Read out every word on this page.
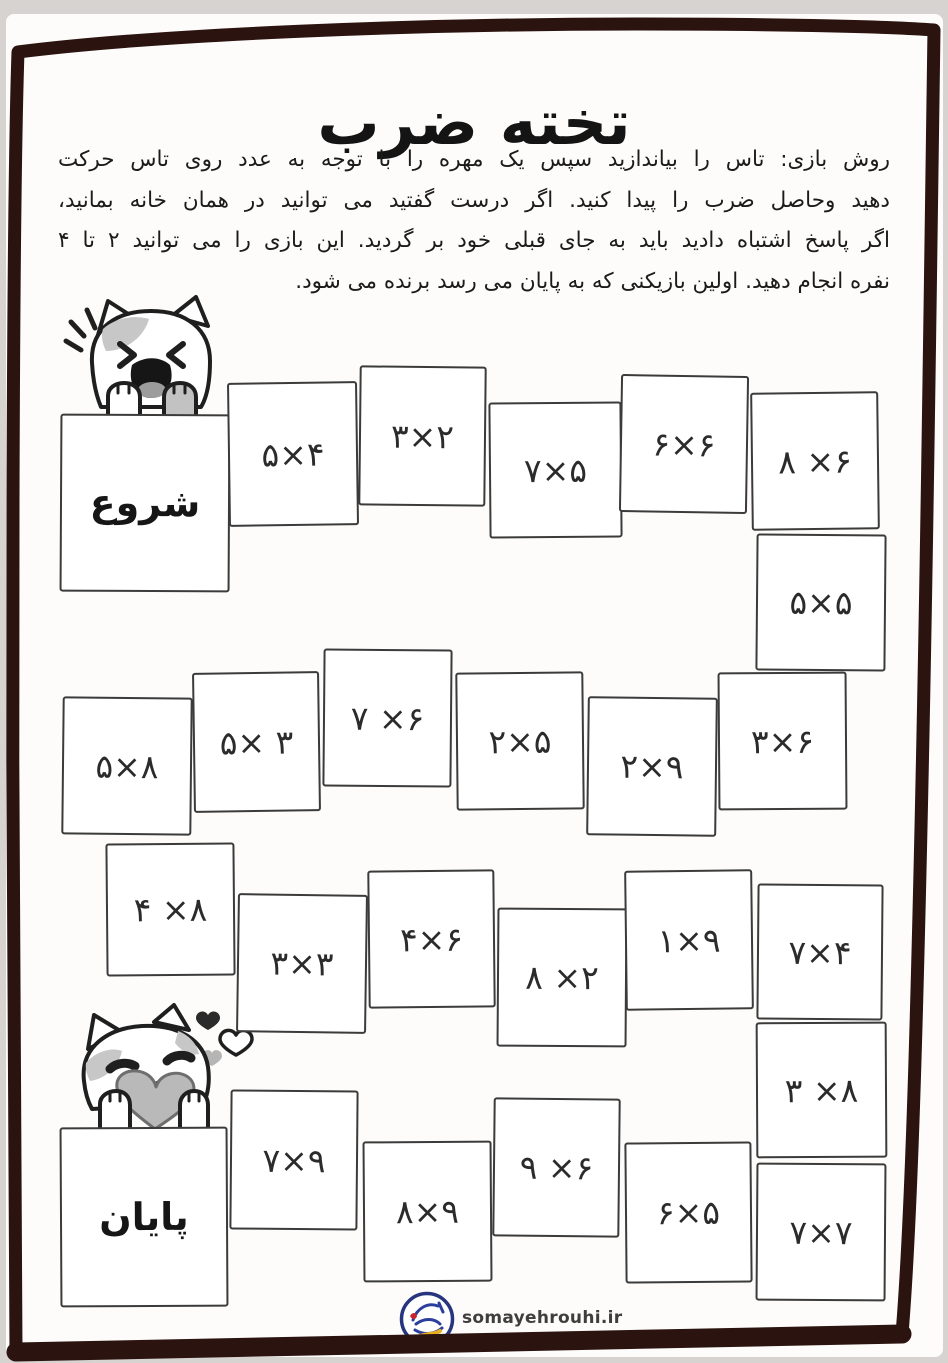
تخته ضرب
روش بازی: تاس را بیاندازید سپس یک مهره را با توجه به عدد روی تاس حرکت
دهید وحاصل ضرب را پیدا کنید. اگر درست گفتید می توانید در همان خانه بمانید،
اگر پاسخ اشتباه دادید باید به جای قبلی خود بر گردید. این بازی را می توانید ۲ تا ۴
نفره انجام دهید. اولین بازیکنی که به پایان می رسد برنده می شود.
شروع
۵×۴ ۳×۲
۷×۵
۶×۶ ۸ ×۶
۵×۵
۳×۶
۲×۹
۲×۵
۷ ×۶
۵× ۳
۵×۸
۴ ×۸
۳×۳
۴×۶
۸ ×۲
۱×۹ ۷×۴
۳ ×۸
۷×۷
۶×۵
۹ ×۶
۸×۹
۷×۹
پایان
somayehrouhi.ir
